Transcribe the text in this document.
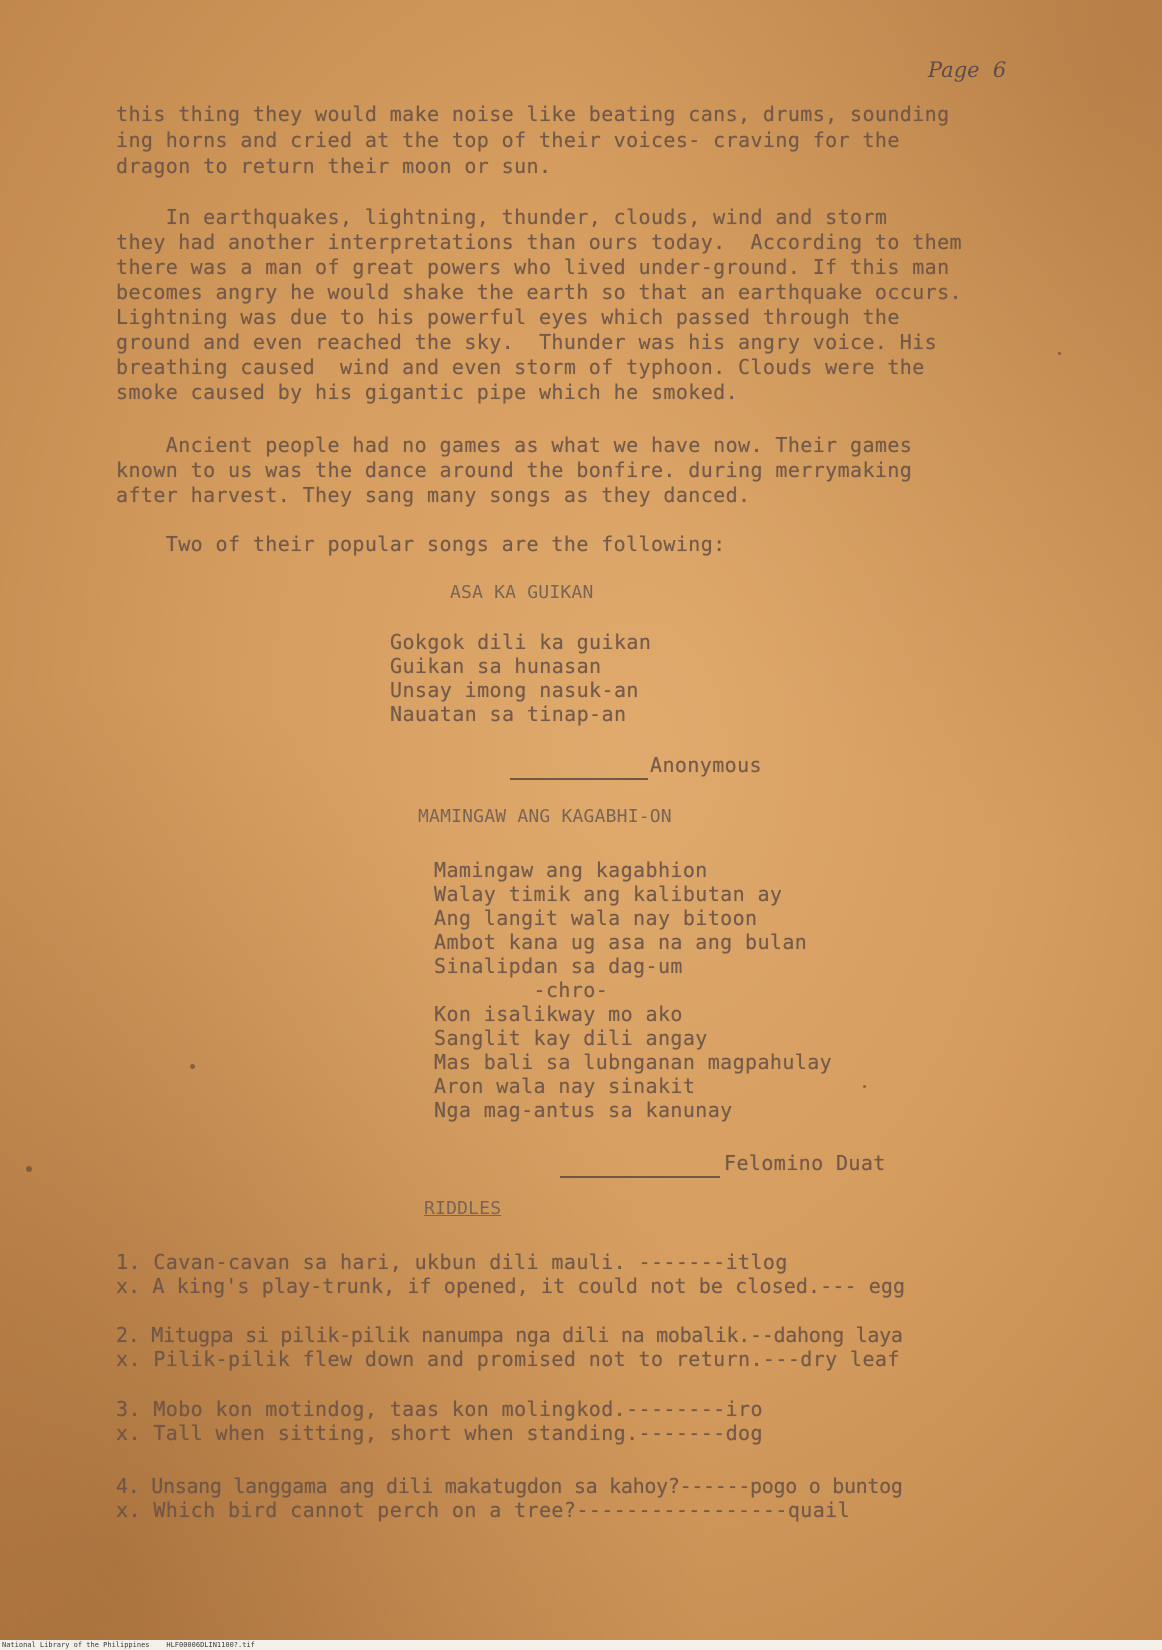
Page  6
this thing they would make noise like beating cans, drums, sounding
ing horns and cried at the top of their voices- craving for the
dragon to return their moon or sun.
In earthquakes, lightning, thunder, clouds, wind and storm
they had another interpretations than ours today.  According to them
there was a man of great powers who lived under-ground. If this man
becomes angry he would shake the earth so that an earthquake occurs.
Lightning was due to his powerful eyes which passed through the
ground and even reached the sky.  Thunder was his angry voice. His
breathing caused  wind and even storm of typhoon. Clouds were the
smoke caused by his gigantic pipe which he smoked.
Ancient people had no games as what we have now. Their games
known to us was the dance around the bonfire. during merrymaking
after harvest. They sang many songs as they danced.
Two of their popular songs are the following:
ASA KA GUIKAN
Gokgok dili ka guikan
Guikan sa hunasan
Unsay imong nasuk-an
Nauatan sa tinap-an
Anonymous
MAMINGAW ANG KAGABHI-ON
Mamingaw ang kagabhion
Walay timik ang kalibutan ay
Ang langit wala nay bitoon
Ambot kana ug asa na ang bulan
Sinalipdan sa dag-um
-chro-
Kon isalikway mo ako
Sanglit kay dili angay
Mas bali sa lubnganan magpahulay
Aron wala nay sinakit
Nga mag-antus sa kanunay
Felomino Duat
RIDDLES
1. Cavan-cavan sa hari, ukbun dili mauli. -------itlog
x. A king's play-trunk, if opened, it could not be closed.--- egg
2. Mitugpa si pilik-pilik nanumpa nga dili na mobalik.--dahong laya
x. Pilik-pilik flew down and promised not to return.---dry leaf
3. Mobo kon motindog, taas kon molingkod.--------iro
x. Tall when sitting, short when standing.-------dog
4. Unsang langgama ang dili makatugdon sa kahoy?------pogo o buntog
x. Which bird cannot perch on a tree?-----------------quail
National Library of the Philippines    HLF00006DLIN1100?.tif
